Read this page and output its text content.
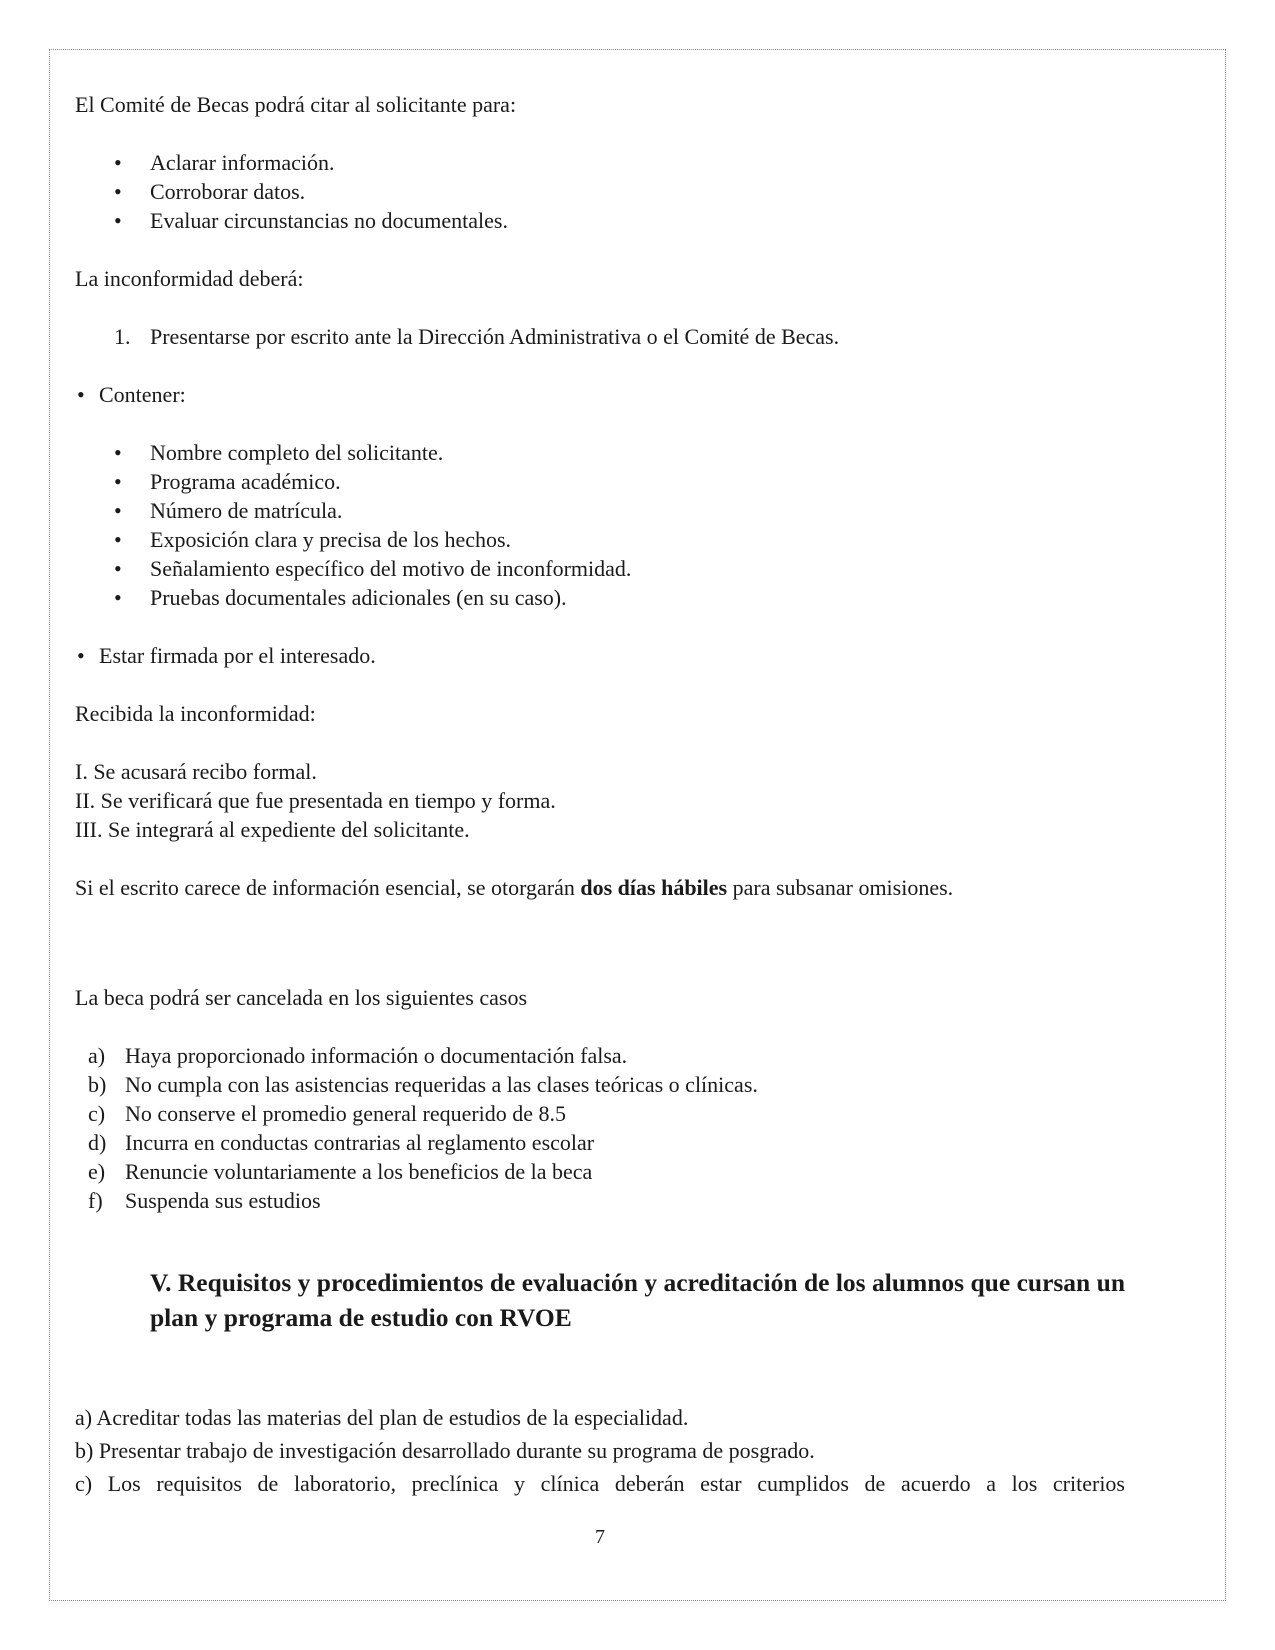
El Comité de Becas podrá citar al solicitante para:

• Aclarar información.
• Corroborar datos.
• Evaluar circunstancias no documentales.

La inconformidad deberá:

1. Presentarse por escrito ante la Dirección Administrativa o el Comité de Becas.
• Contener:
• Nombre completo del solicitante.
• Programa académico.
• Número de matrícula.
• Exposición clara y precisa de los hechos.
• Señalamiento específico del motivo de inconformidad.
• Pruebas documentales adicionales (en su caso).
• Estar firmada por el interesado.

Recibida la inconformidad:

I. Se acusará recibo formal.

II. Se verificará que fue presentada en tiempo y forma.

III. Se integrará al expediente del solicitante.

Si el escrito carece de información esencial, se otorgarán dos días hábiles para subsanar omisiones.

La beca podrá ser cancelada en los siguientes casos

a) Haya proporcionado información o documentación falsa.
b) No cumpla con las asistencias requeridas a las clases teóricas o clínicas.
c) No conserve el promedio general requerido de 8.5
d) Incurra en conductas contrarias al reglamento escolar
e) Renuncie voluntariamente a los beneficios de la beca
f) Suspenda sus estudios
V. Requisitos y procedimientos de evaluación y acreditación de los alumnos que cursan un plan y programa de estudio con RVOE

a) Acreditar todas las materias del plan de estudios de la especialidad.

b) Presentar trabajo de investigación desarrollado durante su programa de posgrado.

c) Los requisitos de laboratorio, preclínica y clínica deberán estar cumplidos de acuerdo a los criterios

7
